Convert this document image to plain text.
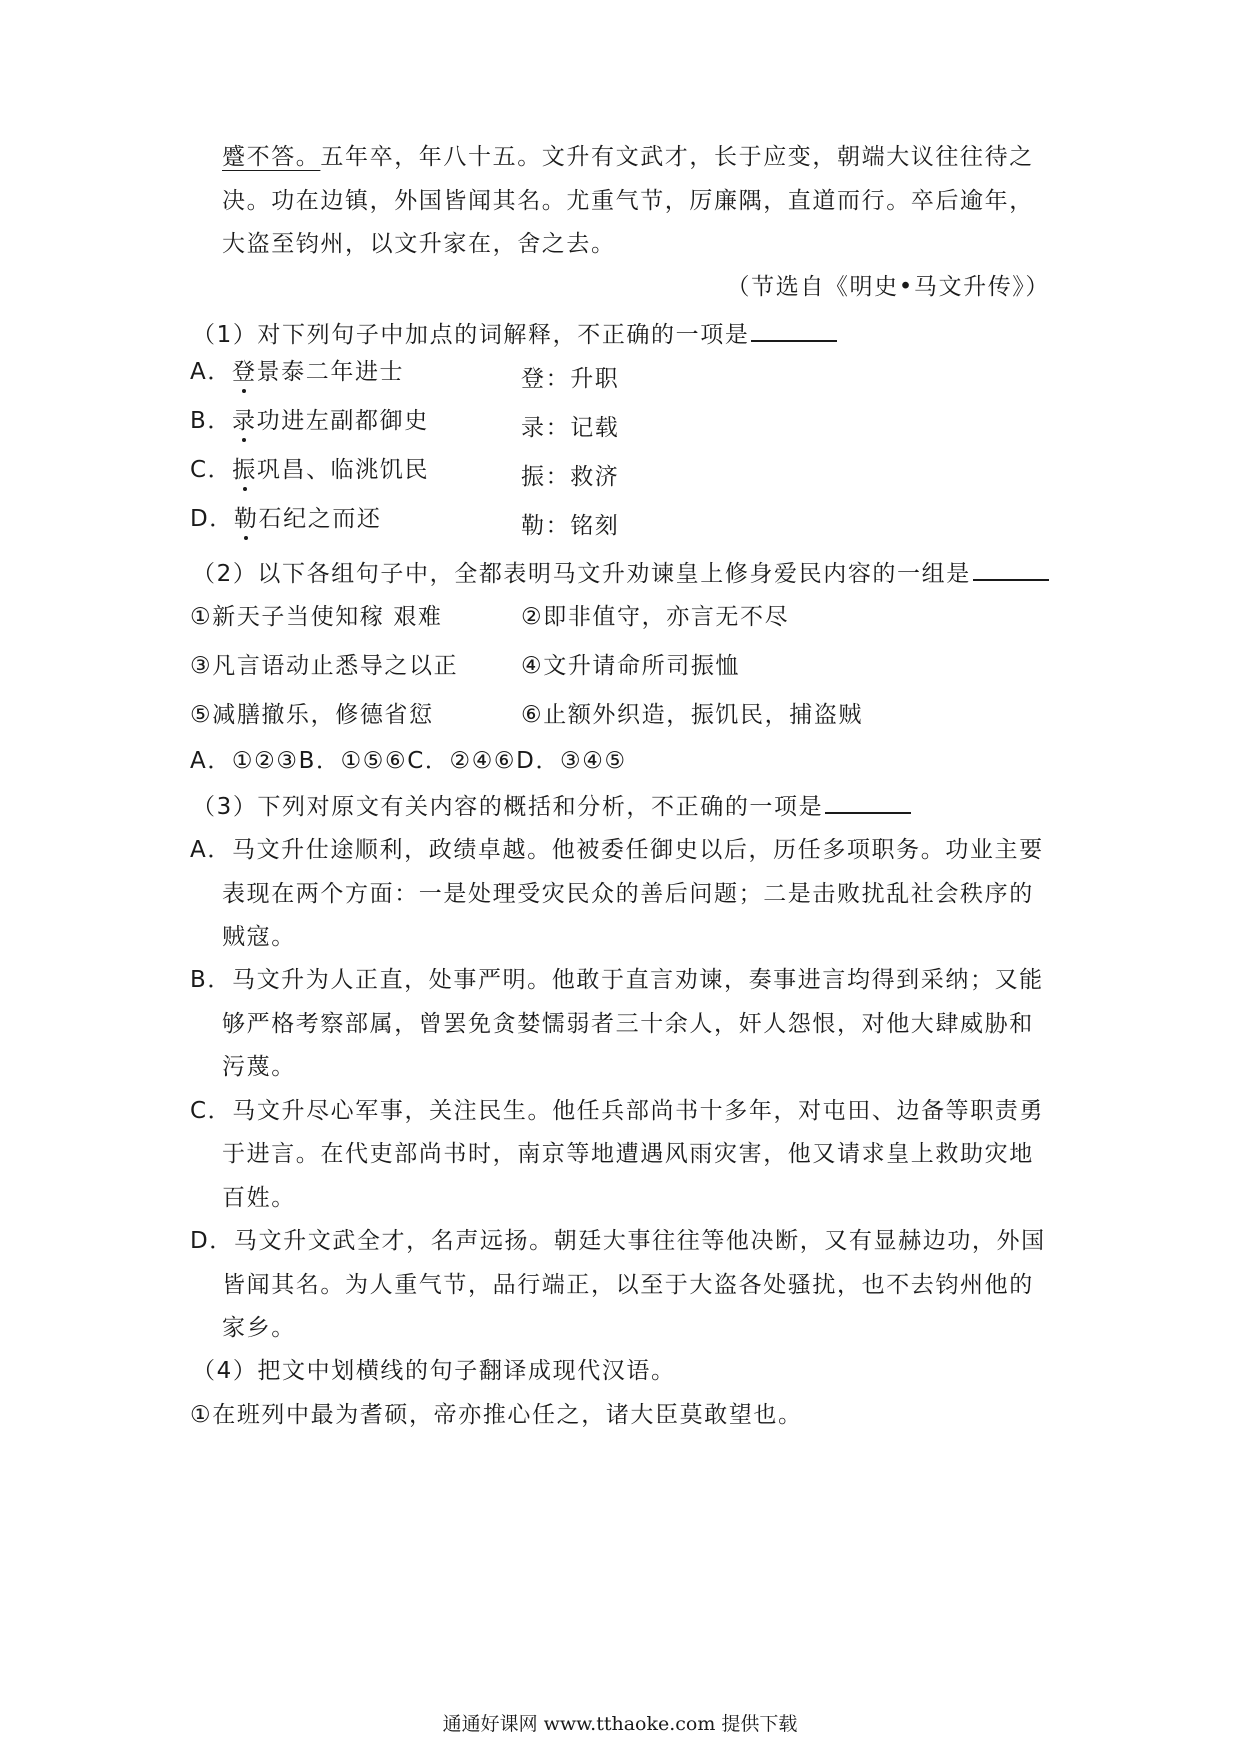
蹙不答。五年卒，年八十五。文升有文武才，长于应变，朝端大议往往待之
决。功在边镇，外国皆闻其名。尤重气节，厉廉隅，直道而行。卒后逾年，
大盗至钧州，以文升家在，舍之去。
（节选自《明史•马文升传》）
（1）对下列句子中加点的词解释，不正确的一项是
A．登景泰二年进士	登：升职
B．录功进左副都御史	录：记载
C．振巩昌、临洮饥民	振：救济
D．勒石纪之而还	勒：铭刻
（2）以下各组句子中，全都表明马文升劝谏皇上修身爱民内容的一组是
①新天子当使知稼 艰难	②即非值守，亦言无不尽
③凡言语动止悉导之以正	④文升请命所司振恤
⑤减膳撤乐，修德省愆	⑥止额外织造，振饥民，捕盗贼
A．①②③B．①⑤⑥C．②④⑥D．③④⑤
（3）下列对原文有关内容的概括和分析，不正确的一项是
A．马文升仕途顺利，政绩卓越。他被委任御史以后，历任多项职务。功业主要
表现在两个方面：一是处理受灾民众的善后问题；二是击败扰乱社会秩序的
贼寇。
B．马文升为人正直，处事严明。他敢于直言劝谏，奏事进言均得到采纳；又能
够严格考察部属，曾罢免贪婪懦弱者三十余人，奸人怨恨，对他大肆威胁和
污蔑。
C．马文升尽心军事，关注民生。他任兵部尚书十多年，对屯田、边备等职责勇
于进言。在代吏部尚书时，南京等地遭遇风雨灾害，他又请求皇上救助灾地
百姓。
D．马文升文武全才，名声远扬。朝廷大事往往等他决断，又有显赫边功，外国
皆闻其名。为人重气节，品行端正，以至于大盗各处骚扰，也不去钧州他的
家乡。
（4）把文中划横线的句子翻译成现代汉语。
①在班列中最为耆硕，帝亦推心任之，诸大臣莫敢望也。
通通好课网 www.tthaoke.com 提供下载
